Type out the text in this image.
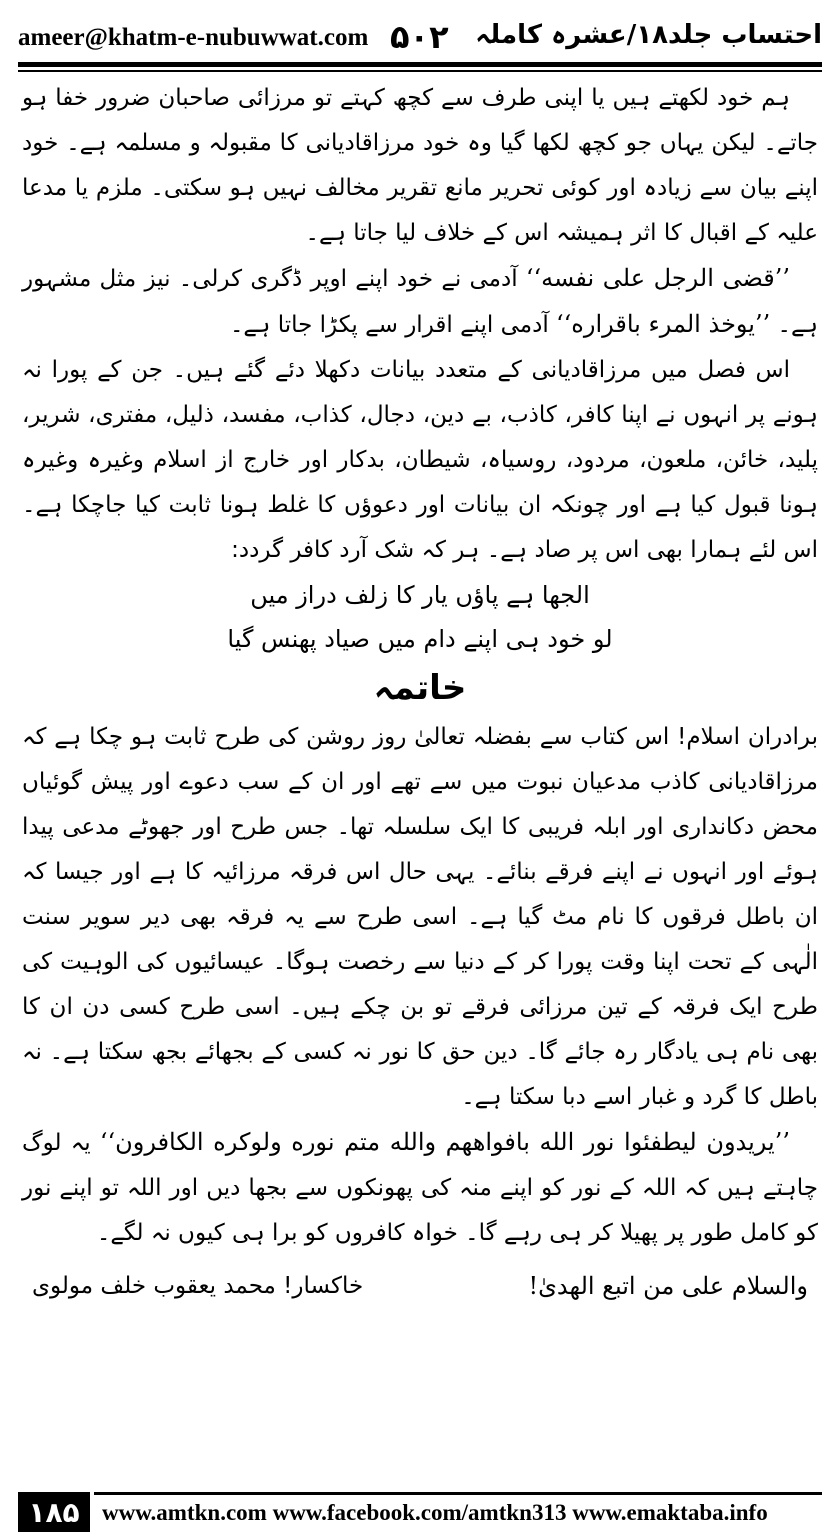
ameer@khatm-e-nubuwwat.com ۵۰۲ احتساب جلد۱۸/عشرہ کاملہ

ہم خود لکھتے ہیں یا اپنی طرف سے کچھ کہتے تو مرزائی صاحبان ضرور خفا ہو جاتے۔ لیکن یہاں جو کچھ لکھا گیا وہ خود مرزاقادیانی کا مقبولہ و مسلمہ ہے۔ خود اپنے بیان سے زیادہ اور کوئی تحریر مانع تقریر مخالف نہیں ہو سکتی۔ ملزم یا مدعا علیہ کے اقبال کا اثر ہمیشہ اس کے خلاف لیا جاتا ہے۔

’’قضی الرجل علی نفسه‘‘ آدمی نے خود اپنے اوپر ڈگری کرلی۔ نیز مثل مشہور ہے۔ ’’یوخذ المرء باقراره‘‘ آدمی اپنے اقرار سے پکڑا جاتا ہے۔

اس فصل میں مرزاقادیانی کے متعدد بیانات دکھلا دئے گئے ہیں۔ جن کے پورا نہ ہونے پر انہوں نے اپنا کافر، کاذب، بے دین، دجال، کذاب، مفسد، ذلیل، مفتری، شریر، پلید، خائن، ملعون، مردود، روسیاہ، شیطان، بدکار اور خارج از اسلام وغیرہ وغیرہ ہونا قبول کیا ہے اور چونکہ ان بیانات اور دعوؤں کا غلط ہونا ثابت کیا جاچکا ہے۔ اس لئے ہمارا بھی اس پر صاد ہے۔ ہر کہ شک آرد کافر گردد:

الجھا ہے پاؤں یار کا زلف دراز میں

لو خود ہی اپنے دام میں صیاد پھنس گیا

خاتمہ

برادران اسلام! اس کتاب سے بفضلہ تعالیٰ روز روشن کی طرح ثابت ہو چکا ہے کہ مرزاقادیانی کاذب مدعیان نبوت میں سے تھے اور ان کے سب دعوے اور پیش گوئیاں محض دکانداری اور ابلہ فریبی کا ایک سلسلہ تھا۔ جس طرح اور جھوٹے مدعی پیدا ہوئے اور انہوں نے اپنے فرقے بنائے۔ یہی حال اس فرقہ مرزائیہ کا ہے اور جیسا کہ ان باطل فرقوں کا نام مٹ گیا ہے۔ اسی طرح سے یہ فرقہ بھی دیر سویر سنت الٰہی کے تحت اپنا وقت پورا کر کے دنیا سے رخصت ہوگا۔ عیسائیوں کی الوہیت کی طرح ایک فرقہ کے تین مرزائی فرقے تو بن چکے ہیں۔ اسی طرح کسی دن ان کا بھی نام ہی یادگار رہ جائے گا۔ دین حق کا نور نہ کسی کے بجھائے بجھ سکتا ہے۔ نہ باطل کا گرد و غبار اسے دبا سکتا ہے۔

’’یریدون لیطفئوا نور الله بافواههم والله متم نوره ولوکره الکافرون‘‘ یہ لوگ چاہتے ہیں کہ اللہ کے نور کو اپنے منہ کی پھونکوں سے بجھا دیں اور اللہ تو اپنے نور کو کامل طور پر پھیلا کر ہی رہے گا۔ خواہ کافروں کو برا ہی کیوں نہ لگے۔

والسلام علی من اتبع الهدیٰ!
خاکسار! محمد یعقوب خلف مولوی
۱۸۵ www.amtkn.com www.facebook.com/amtkn313 www.emaktaba.info
